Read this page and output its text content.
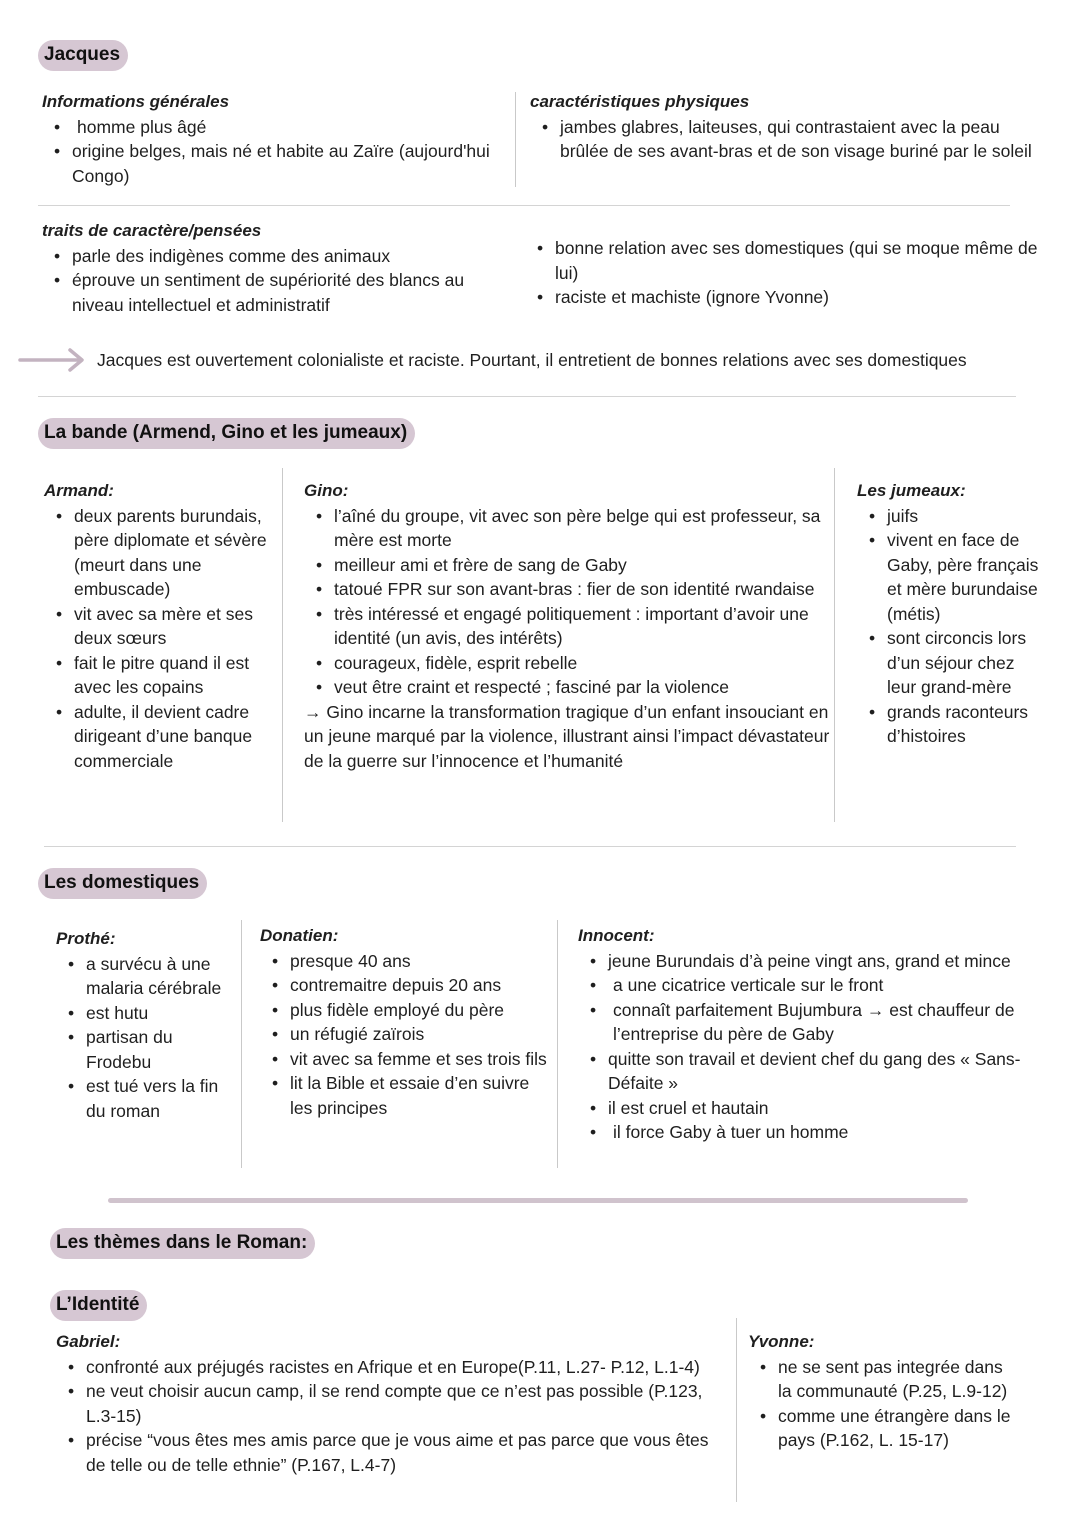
Jacques
Informations générales
• homme plus âgé
• origine belges, mais né et habite au Zaïre (aujourd'hui Congo)
caractéristiques physiques
• jambes glabres, laiteuses, qui contrastaient avec la peau brûlée de ses avant-bras et de son visage buriné par le soleil
traits de caractère/pensées
• parle des indigènes comme des animaux
• éprouve un sentiment de supériorité des blancs au niveau intellectuel et administratif
• bonne relation avec ses domestiques (qui se moque même de lui)
• raciste et machiste (ignore Yvonne)
Jacques est ouvertement colonialiste et raciste. Pourtant, il entretient de bonnes relations avec ses domestiques
La bande (Armend, Gino et les jumeaux)
Armand:
• deux parents burundais, père diplomate et sévère (meurt dans une embuscade)
• vit avec sa mère et ses deux sœurs
• fait le pitre quand il est avec les copains
• adulte, il devient cadre dirigeant d’une banque commerciale
Gino:
• l’aîné du groupe, vit avec son père belge qui est professeur, sa mère est morte
• meilleur ami et frère de sang de Gaby
• tatoué FPR sur son avant-bras : fier de son identité rwandaise
• très intéressé et engagé politiquement : important d’avoir une identité (un avis, des intérêts)
• courageux, fidèle, esprit rebelle
• veut être craint et respecté ; fasciné par la violence
→ Gino incarne la transformation tragique d’un enfant insouciant en un jeune marqué par la violence, illustrant ainsi l’impact dévastateur de la guerre sur l’innocence et l’humanité
Les jumeaux:
• juifs
• vivent en face de Gaby, père français et mère burundaise (métis)
• sont circoncis lors d’un séjour chez leur grand-mère
• grands raconteurs d’histoires
Les domestiques
Prothé:
• a survécu à une malaria cérébrale
• est hutu
• partisan du Frodebu
• est tué vers la fin du roman
Donatien:
• presque 40 ans
• contremaitre depuis 20 ans
• plus fidèle employé du père
• un réfugié zaïrois
• vit avec sa femme et ses trois fils
• lit la Bible et essaie d’en suivre les principes
Innocent:
• jeune Burundais d’à peine vingt ans, grand et mince
• a une cicatrice verticale sur le front
• connaît parfaitement Bujumbura → est chauffeur de l’entreprise du père de Gaby
• quitte son travail et devient chef du gang des « Sans-Défaite »
• il est cruel et hautain
• il force Gaby à tuer un homme
Les thèmes dans le Roman:
L’Identité
Gabriel:
• confronté aux préjugés racistes en Afrique et en Europe(P.11, L.27- P.12, L.1-4)
• ne veut choisir aucun camp, il se rend compte que ce n’est pas possible (P.123, L.3-15)
• précise “vous êtes mes amis parce que je vous aime et pas parce que vous êtes de telle ou de telle ethnie” (P.167, L.4-7)
Yvonne:
• ne se sent pas integrée dans la communauté (P.25, L.9-12)
• comme une étrangère dans le pays (P.162, L. 15-17)
